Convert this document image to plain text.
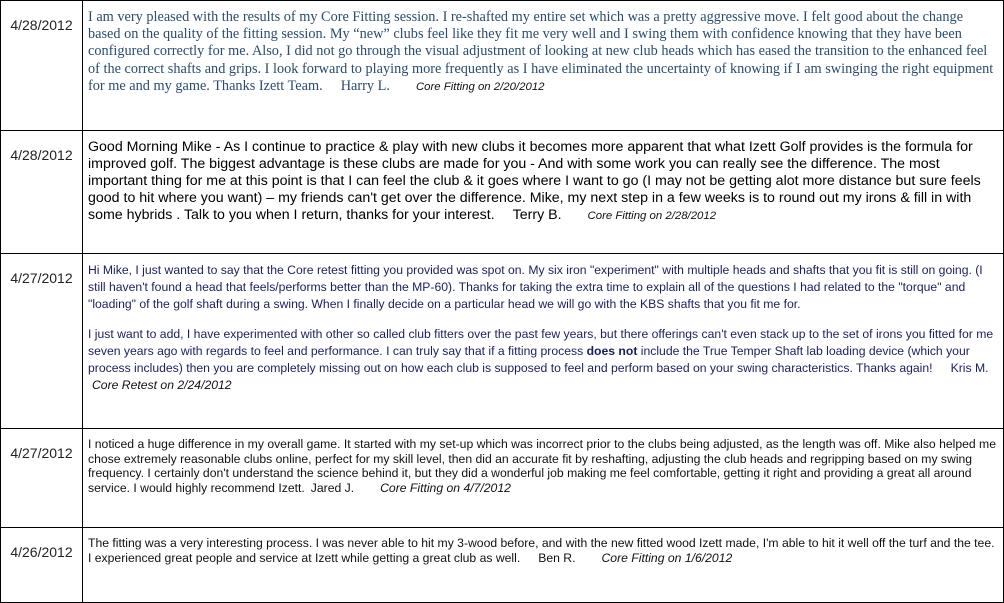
4/28/2012	I am very pleased with the results of my Core Fitting session. I re-shafted my entire set which was a pretty aggressive move. I felt good about the change based on the quality of the fitting session. My “new” clubs feel like they fit me very well and I swing them with confidence knowing that they have been configured correctly for me. Also, I did not go through the visual adjustment of looking at new club heads which has eased the transition to the enhanced feel of the correct shafts and grips. I look forward to playing more frequently as I have eliminated the uncertainty of knowing if I am swinging the right equipment for me and my game. Thanks Izett Team. Harry L. Core Fitting on 2/20/2012

4/28/2012	Good Morning Mike - As I continue to practice & play with new clubs it becomes more apparent that what Izett Golf provides is the formula for improved golf. The biggest advantage is these clubs are made for you - And with some work you can really see the difference. The most important thing for me at this point is that I can feel the club & it goes where I want to go (I may not be getting alot more distance but sure feels good to hit where you want) – my friends can't get over the difference. Mike, my next step in a few weeks is to round out my irons & fill in with some hybrids . Talk to you when I return, thanks for your interest. Terry B. Core Fitting on 2/28/2012

4/27/2012	Hi Mike, I just wanted to say that the Core retest fitting you provided was spot on. My six iron "experiment" with multiple heads and shafts that you fit is still on going. (I still haven't found a head that feels/performs better than the MP-60). Thanks for taking the extra time to explain all of the questions I had related to the "torque" and "loading" of the golf shaft during a swing. When I finally decide on a particular head we will go with the KBS shafts that you fit me for.

I just want to add, I have experimented with other so called club fitters over the past few years, but there offerings can't even stack up to the set of irons you fitted for me seven years ago with regards to feel and performance. I can truly say that if a fitting process does not include the True Temper Shaft lab loading device (which your process includes) then you are completely missing out on how each club is supposed to feel and perform based on your swing characteristics. Thanks again! Kris M. Core Retest on 2/24/2012

4/27/2012	I noticed a huge difference in my overall game. It started with my set-up which was incorrect prior to the clubs being adjusted, as the length was off. Mike also helped me chose extremely reasonable clubs online, perfect for my skill level, then did an accurate fit by reshafting, adjusting the club heads and regripping based on my swing frequency. I certainly don't understand the science behind it, but they did a wonderful job making me feel comfortable, getting it right and providing a great all around service. I would highly recommend Izett. Jared J. Core Fitting on 4/7/2012

4/26/2012	The fitting was a very interesting process. I was never able to hit my 3-wood before, and with the new fitted wood Izett made, I'm able to hit it well off the turf and the tee. I experienced great people and service at Izett while getting a great club as well. Ben R. Core Fitting on 1/6/2012
